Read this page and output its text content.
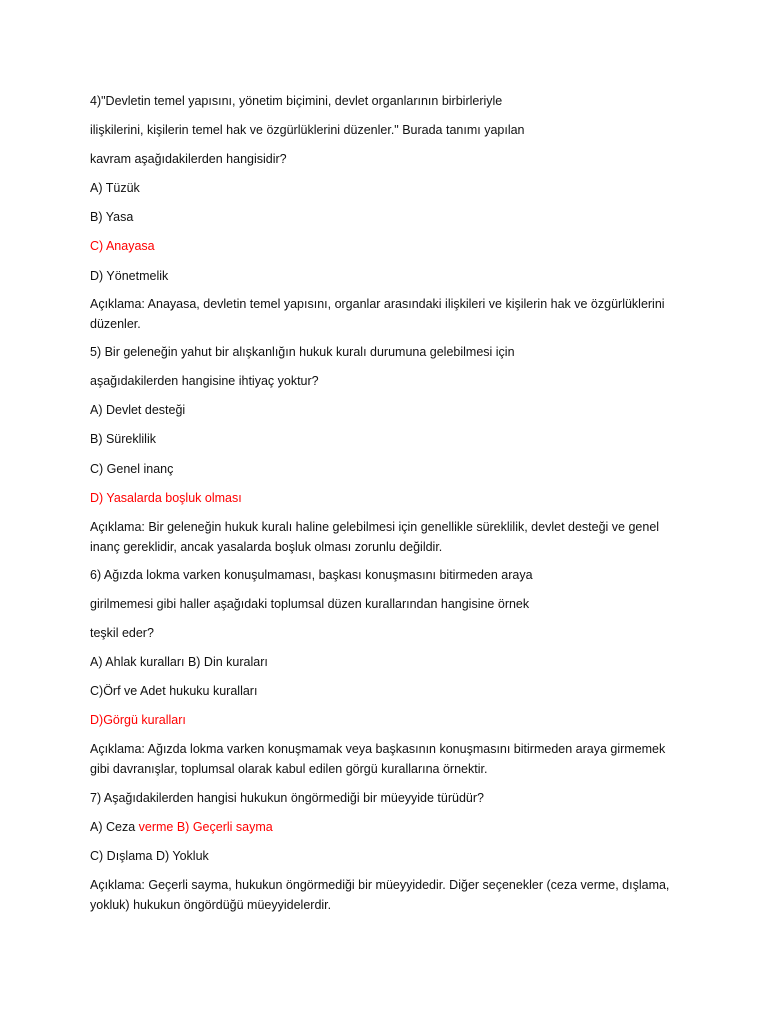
4)"Devletin temel yapısını, yönetim biçimini, devlet organlarının birbirleriyle
ilişkilerini, kişilerin temel hak ve özgürlüklerini düzenler." Burada tanımı yapılan
kavram aşağıdakilerden hangisidir?
A) Tüzük
B) Yasa
C) Anayasa
D) Yönetmelik
Açıklama: Anayasa, devletin temel yapısını, organlar arasındaki ilişkileri ve kişilerin hak ve özgürlüklerini düzenler.
5) Bir geleneğin yahut bir alışkanlığın hukuk kuralı durumuna gelebilmesi için
aşağıdakilerden hangisine ihtiyaç yoktur?
A) Devlet desteği
B) Süreklilik
C) Genel inanç
D) Yasalarda boşluk olması
Açıklama: Bir geleneğin hukuk kuralı haline gelebilmesi için genellikle süreklilik, devlet desteği ve genel inanç gereklidir, ancak yasalarda boşluk olması zorunlu değildir.
6) Ağızda lokma varken konuşulmaması, başkası konuşmasını bitirmeden araya
girilmemesi gibi haller aşağıdaki toplumsal düzen kurallarından hangisine örnek
teşkil eder?
A) Ahlak kuralları B) Din kuraları
C)Örf ve Adet hukuku kuralları
D)Görgü kuralları
Açıklama: Ağızda lokma varken konuşmamak veya başkasının konuşmasını bitirmeden araya girmemek gibi davranışlar, toplumsal olarak kabul edilen görgü kurallarına örnektir.
7) Aşağıdakilerden hangisi hukukun öngörmediği bir müeyyide türüdür?
A) Ceza verme B) Geçerli sayma
C) Dışlama D) Yokluk
Açıklama: Geçerli sayma, hukukun öngörmediği bir müeyyidedir. Diğer seçenekler (ceza verme, dışlama, yokluk) hukukun öngördüğü müeyyidelerdir.
